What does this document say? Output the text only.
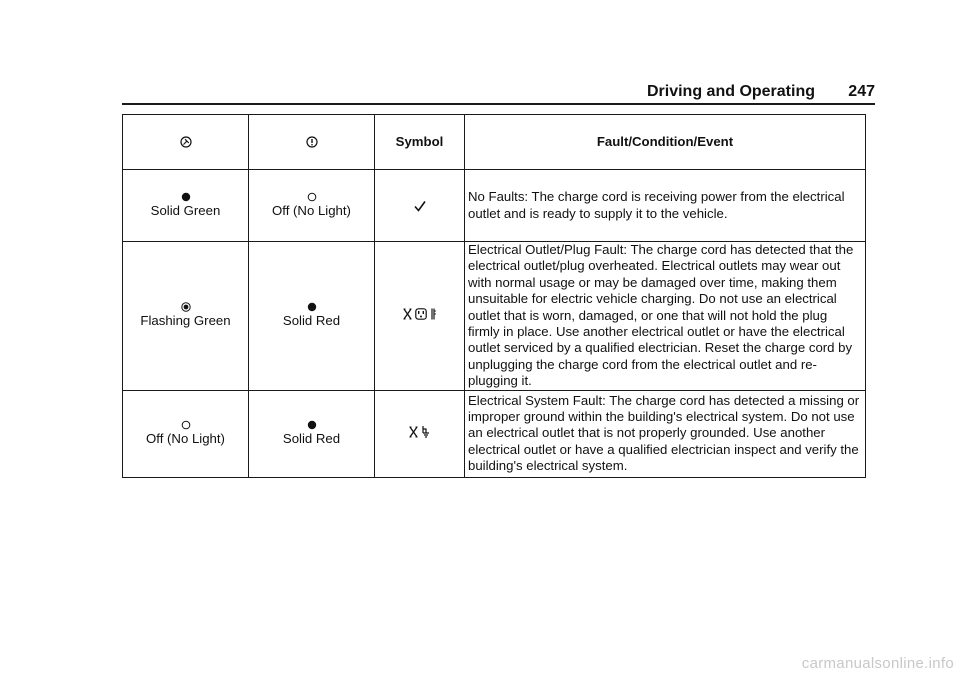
Driving and Operating 247
		Symbol	Fault/Condition/Event

Solid Green	Off (No Light)		No Faults: The charge cord is receiving power from the electrical outlet and is ready to supply it to the vehicle.

Flashing Green	Solid Red		Electrical Outlet/Plug Fault: The charge cord has detected that the electrical outlet/plug overheated. Electrical outlets may wear out with normal usage or may be damaged over time, making them unsuitable for electric vehicle charging. Do not use an electrical outlet that is worn, damaged, or one that will not hold the plug firmly in place. Use another electrical outlet or have the electrical outlet serviced by a qualified electrician. Reset the charge cord by unplugging the charge cord from the electrical outlet and re-plugging it.

Off (No Light)	Solid Red		Electrical System Fault: The charge cord has detected a missing or improper ground within the building's electrical system. Do not use an electrical outlet that is not properly grounded. Use another electrical outlet or have a qualified electrician inspect and verify the building's electrical system.
carmanualsonline.info
